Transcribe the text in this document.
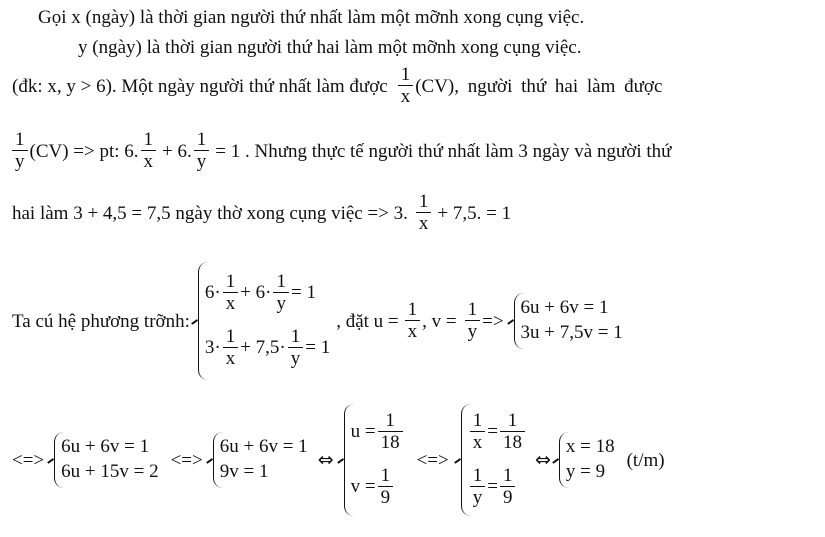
Gọi x (ngày) là thời gian người thứ nhất làm một mỡnh xong cụng việc.
y (ngày) là thời gian người thứ hai làm một mỡnh xong cụng việc.
(đk: x, y > 6). Một ngày người thứ nhất làm được $\frac{1}{x} (CV)$, người thứ hai làm được
$\frac{1}{y} (CV)$ => pt: 6. $\frac{1}{x} + 6$. $\frac{1}{y} = 1$ . Nhưng thực tế người thứ nhất làm 3 ngày và người thứ
hai làm 3 + 4,5 = 7,5 ngày thờ xong cụng việc => 3. $\frac{1}{x} + 7,5$. = 1
Ta cú hệ phương trỡnh:
$6\cdot \frac{1}{x} + 6\cdot \frac{1}{y} = 1$
$3\cdot \frac{1}{x} + 7,5\cdot \frac{1}{y} = 1$
, đặt $u = \frac{1}{x}$ , $v = \frac{1}{y}$ =>
6u + 6v = 1
3u + 7,5v = 1
<=>
6u + 6v = 1
6u + 15v = 2
<=>
6u + 6v = 1
9v = 1
⇔
$u = \frac{1}{18}$
$v = \frac{1}{9}$
<=>
$\frac{1}{x} = \frac{1}{18}$
$\frac{1}{y} = \frac{1}{9}$
⇔
x = 18
y = 9
(t/m)
